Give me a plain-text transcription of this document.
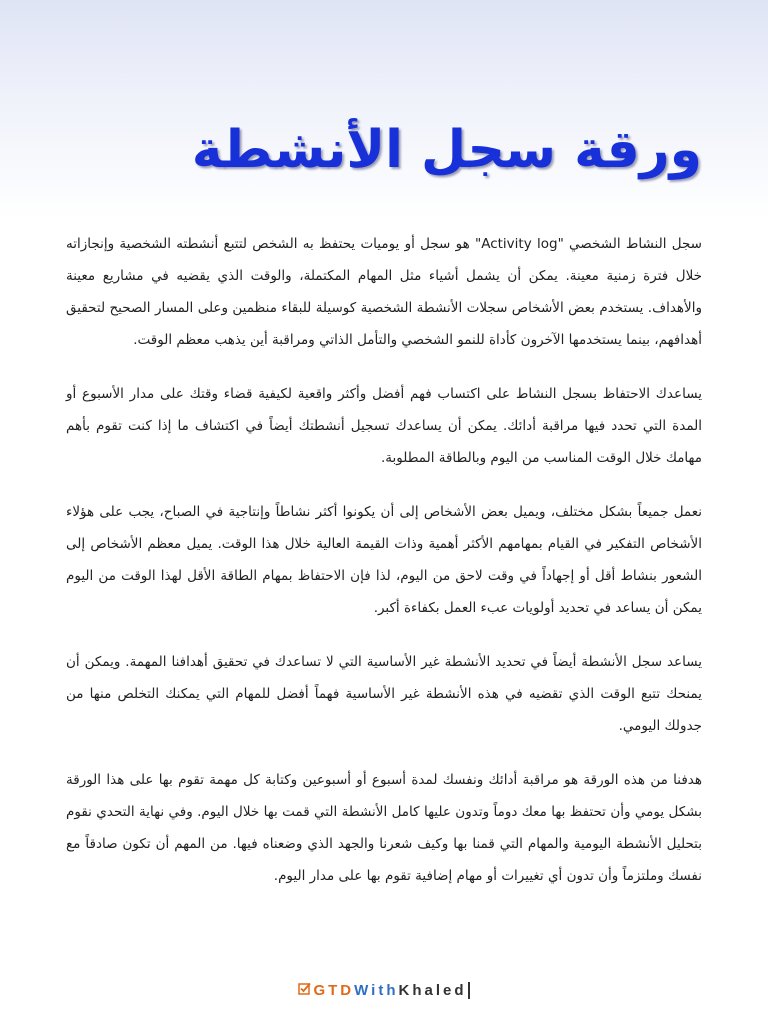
ورقة سجل الأنشطة

سجل النشاط الشخصي "Activity log" هو سجل أو يوميات يحتفظ به الشخص لتتبع أنشطته الشخصية وإنجازاته خلال فترة زمنية معينة. يمكن أن يشمل أشياء مثل المهام المكتملة، والوقت الذي يقضيه في مشاريع معينة والأهداف. يستخدم بعض الأشخاص سجلات الأنشطة الشخصية كوسيلة للبقاء منظمين وعلى المسار الصحيح لتحقيق أهدافهم، بينما يستخدمها الآخرون كأداة للنمو الشخصي والتأمل الذاتي ومراقبة أين يذهب معظم الوقت.

يساعدك الاحتفاظ بسجل النشاط على اكتساب فهم أفضل وأكثر واقعية لكيفية قضاء وقتك على مدار الأسبوع أو المدة التي تحدد فيها مراقبة أدائك. يمكن أن يساعدك تسجيل أنشطتك أيضاً في اكتشاف ما إذا كنت تقوم بأهم مهامك خلال الوقت المناسب من اليوم وبالطاقة المطلوبة.

نعمل جميعاً بشكل مختلف، ويميل بعض الأشخاص إلى أن يكونوا أكثر نشاطاً وإنتاجية في الصباح، يجب على هؤلاء الأشخاص التفكير في القيام بمهامهم الأكثر أهمية وذات القيمة العالية خلال هذا الوقت. يميل معظم الأشخاص إلى الشعور بنشاط أقل أو إجهاداً في وقت لاحق من اليوم، لذا فإن الاحتفاظ بمهام الطاقة الأقل لهذا الوقت من اليوم يمكن أن يساعد في تحديد أولويات عبء العمل بكفاءة أكبر.

يساعد سجل الأنشطة أيضاً في تحديد الأنشطة غير الأساسية التي لا تساعدك في تحقيق أهدافنا المهمة. ويمكن أن يمنحك تتبع الوقت الذي تقضيه في هذه الأنشطة غير الأساسية فهماً أفضل للمهام التي يمكنك التخلص منها من جدولك اليومي.

هدفنا من هذه الورقة هو مراقبة أدائك ونفسك لمدة أسبوع أو أسبوعين وكتابة كل مهمة تقوم بها على هذا الورقة بشكل يومي وأن تحتفظ بها معك دوماً وتدون عليها كامل الأنشطة التي قمت بها خلال اليوم. وفي نهاية التحدي نقوم بتحليل الأنشطة اليومية والمهام التي قمنا بها وكيف شعرنا والجهد الذي وضعناه فيها. من المهم أن تكون صادقاً مع نفسك وملتزماً وأن تدون أي تغييرات أو مهام إضافية تقوم بها على مدار اليوم.

GTD With Khaled
